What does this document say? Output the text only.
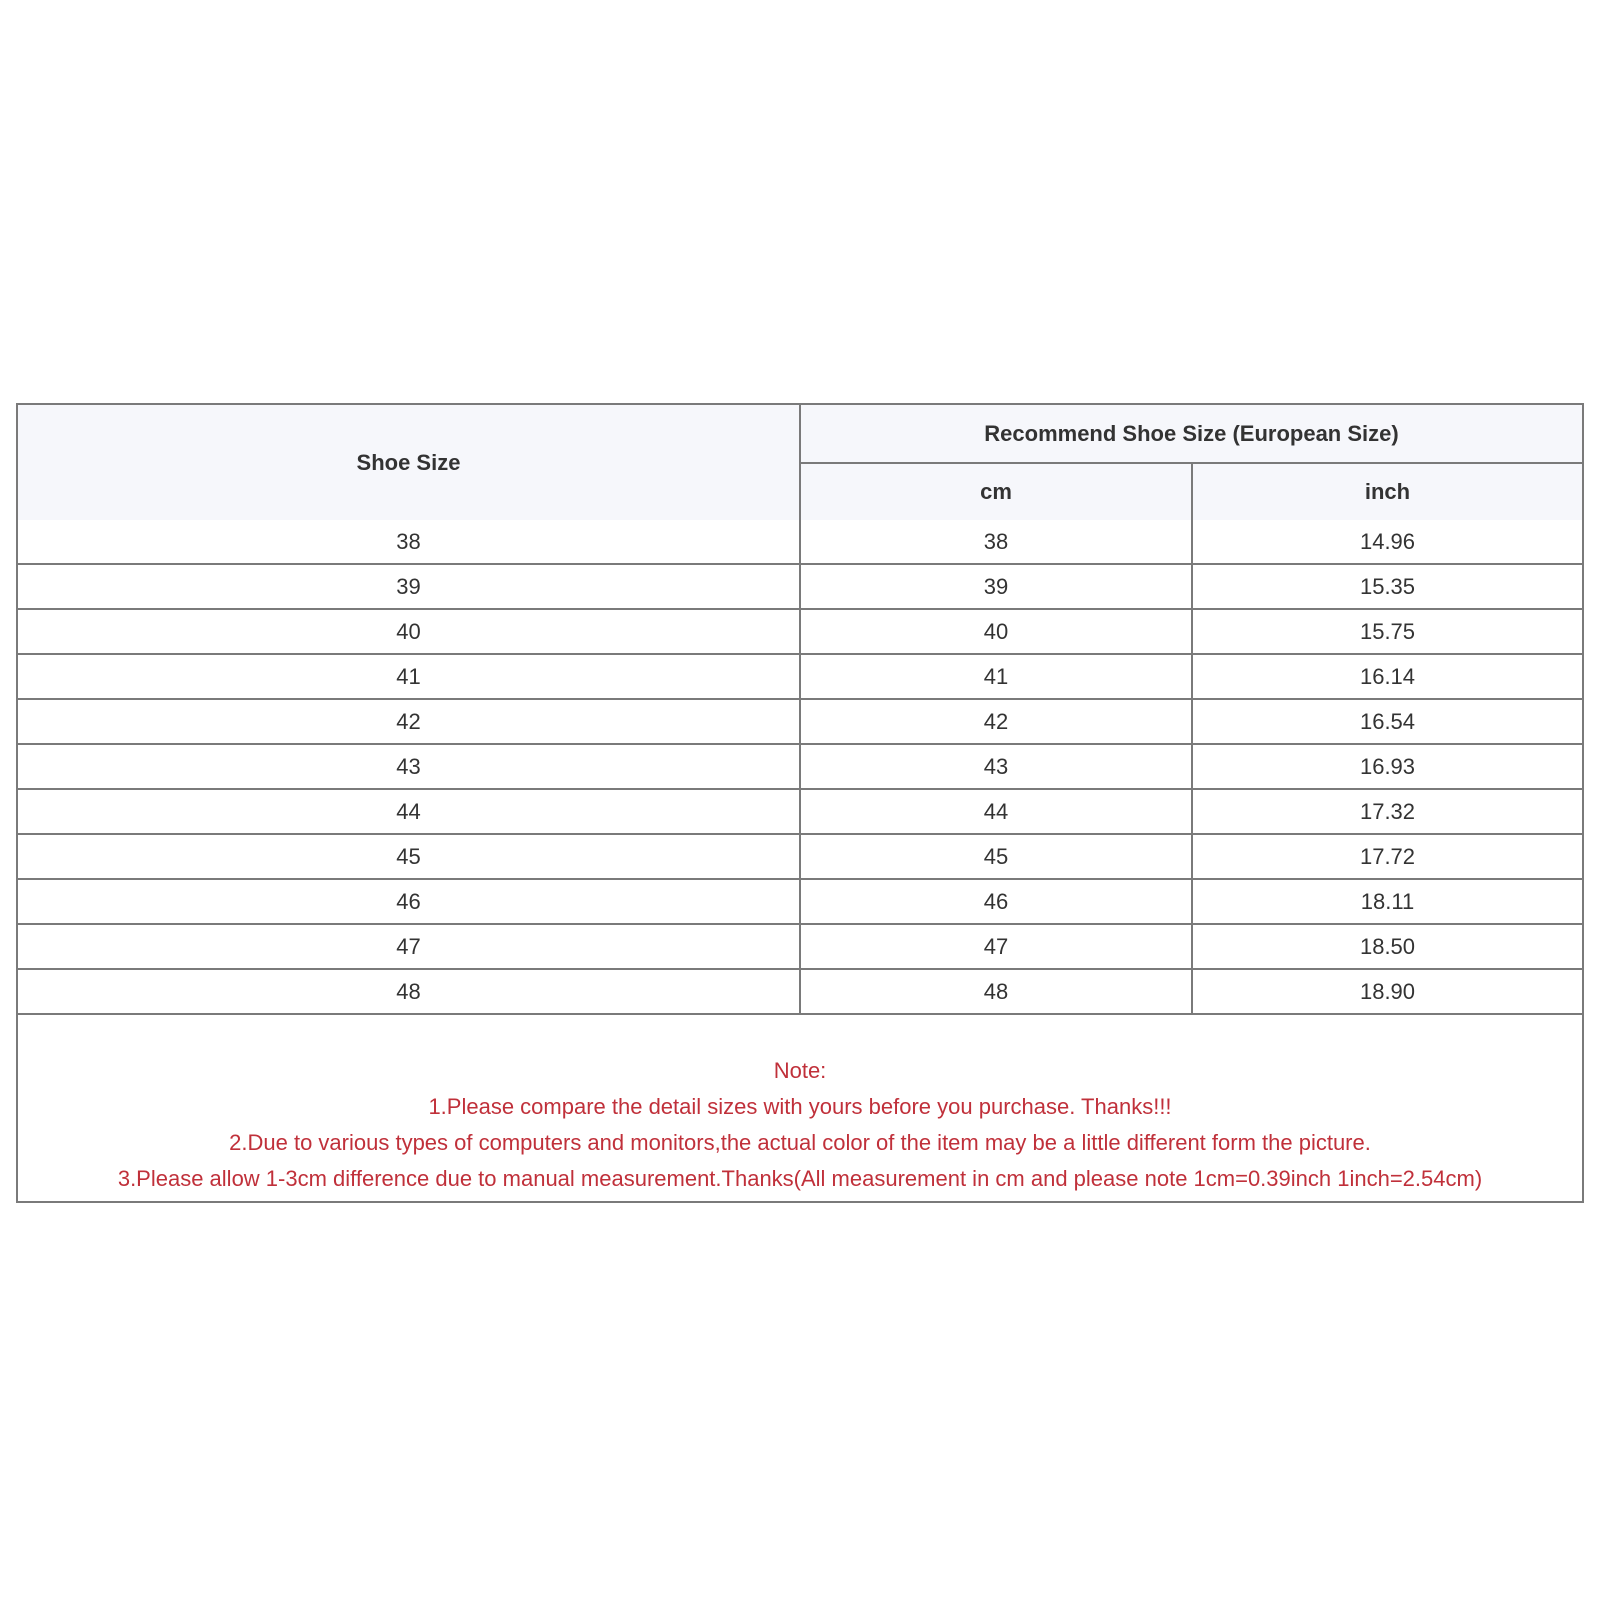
Shoe Size	Recommend Shoe Size (European Size)	
	cm	inch
38	38	14.96
39	39	15.35
40	40	15.75
41	41	16.14
42	42	16.54
43	43	16.93
44	44	17.32
45	45	17.72
46	46	18.11
47	47	18.50
48	48	18.90
Note:
1.Please compare the detail sizes with yours before you purchase. Thanks!!!
2.Due to various types of computers and monitors,the actual color of the item may be a little different form the picture.
3.Please allow 1-3cm difference due to manual measurement.Thanks(All measurement in cm and please note 1cm=0.39inch 1inch=2.54cm)
